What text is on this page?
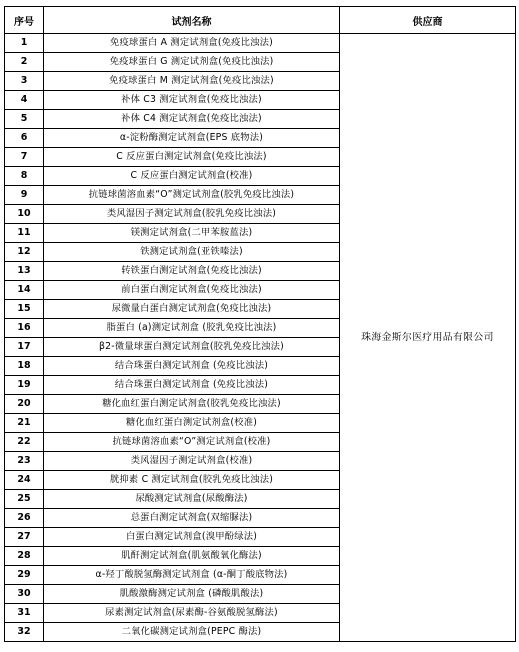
序号	试剂名称	供应商
1	免疫球蛋白 A 测定试剂盒(免疫比浊法)	珠海金斯尔医疗用品有限公司
2	免疫球蛋白 G 测定试剂盒(免疫比浊法)	
3	免疫球蛋白 M 测定试剂盒(免疫比浊法)	
4	补体 C3 测定试剂盒(免疫比浊法)	
5	补体 C4 测定试剂盒(免疫比浊法)	
6	α-淀粉酶测定试剂盒(EPS 底物法)	
7	C 反应蛋白测定试剂盒(免疫比浊法)	
8	C 反应蛋白测定试剂盒(校准)	
9	抗链球菌溶血素“O”测定试剂盒(胶乳免疫比浊法)	
10	类风湿因子测定试剂盒(胶乳免疫比浊法)	
11	镁测定试剂盒(二甲苯胺蓝法)	
12	铁测定试剂盒(亚铁嗪法)	
13	转铁蛋白测定试剂盒(免疫比浊法)	
14	前白蛋白测定试剂盒(免疫比浊法)	
15	尿微量白蛋白测定试剂盒(免疫比浊法)	
16	脂蛋白 (a)测定试剂盒 (胶乳免疫比浊法)	
17	β2-微量球蛋白测定试剂盒(胶乳免疫比浊法)	
18	结合珠蛋白测定试剂盒 (免疫比浊法)	
19	结合珠蛋白测定试剂盒 (免疫比浊法)	
20	糖化血红蛋白测定试剂盒(胶乳免疫比浊法)	
21	糖化血红蛋白测定试剂盒(校准)	
22	抗链球菌溶血素“O”测定试剂盒(校准)	
23	类风湿因子测定试剂盒(校准)	
24	胱抑素 C 测定试剂盒(胶乳免疫比浊法)	
25	尿酸测定试剂盒(尿酸酶法)	
26	总蛋白测定试剂盒(双缩脲法)	
27	白蛋白测定试剂盒(溴甲酚绿法)	
28	肌酐测定试剂盒(肌氨酸氧化酶法)	
29	α-羟丁酸脱氢酶测定试剂盒 (α-酮丁酸底物法)	
30	肌酸激酶测定试剂盒 (磷酸肌酸法)	
31	尿素测定试剂盒(尿素酶-谷氨酸脱氢酶法)	
32	二氧化碳测定试剂盒(PEPC 酶法)	
